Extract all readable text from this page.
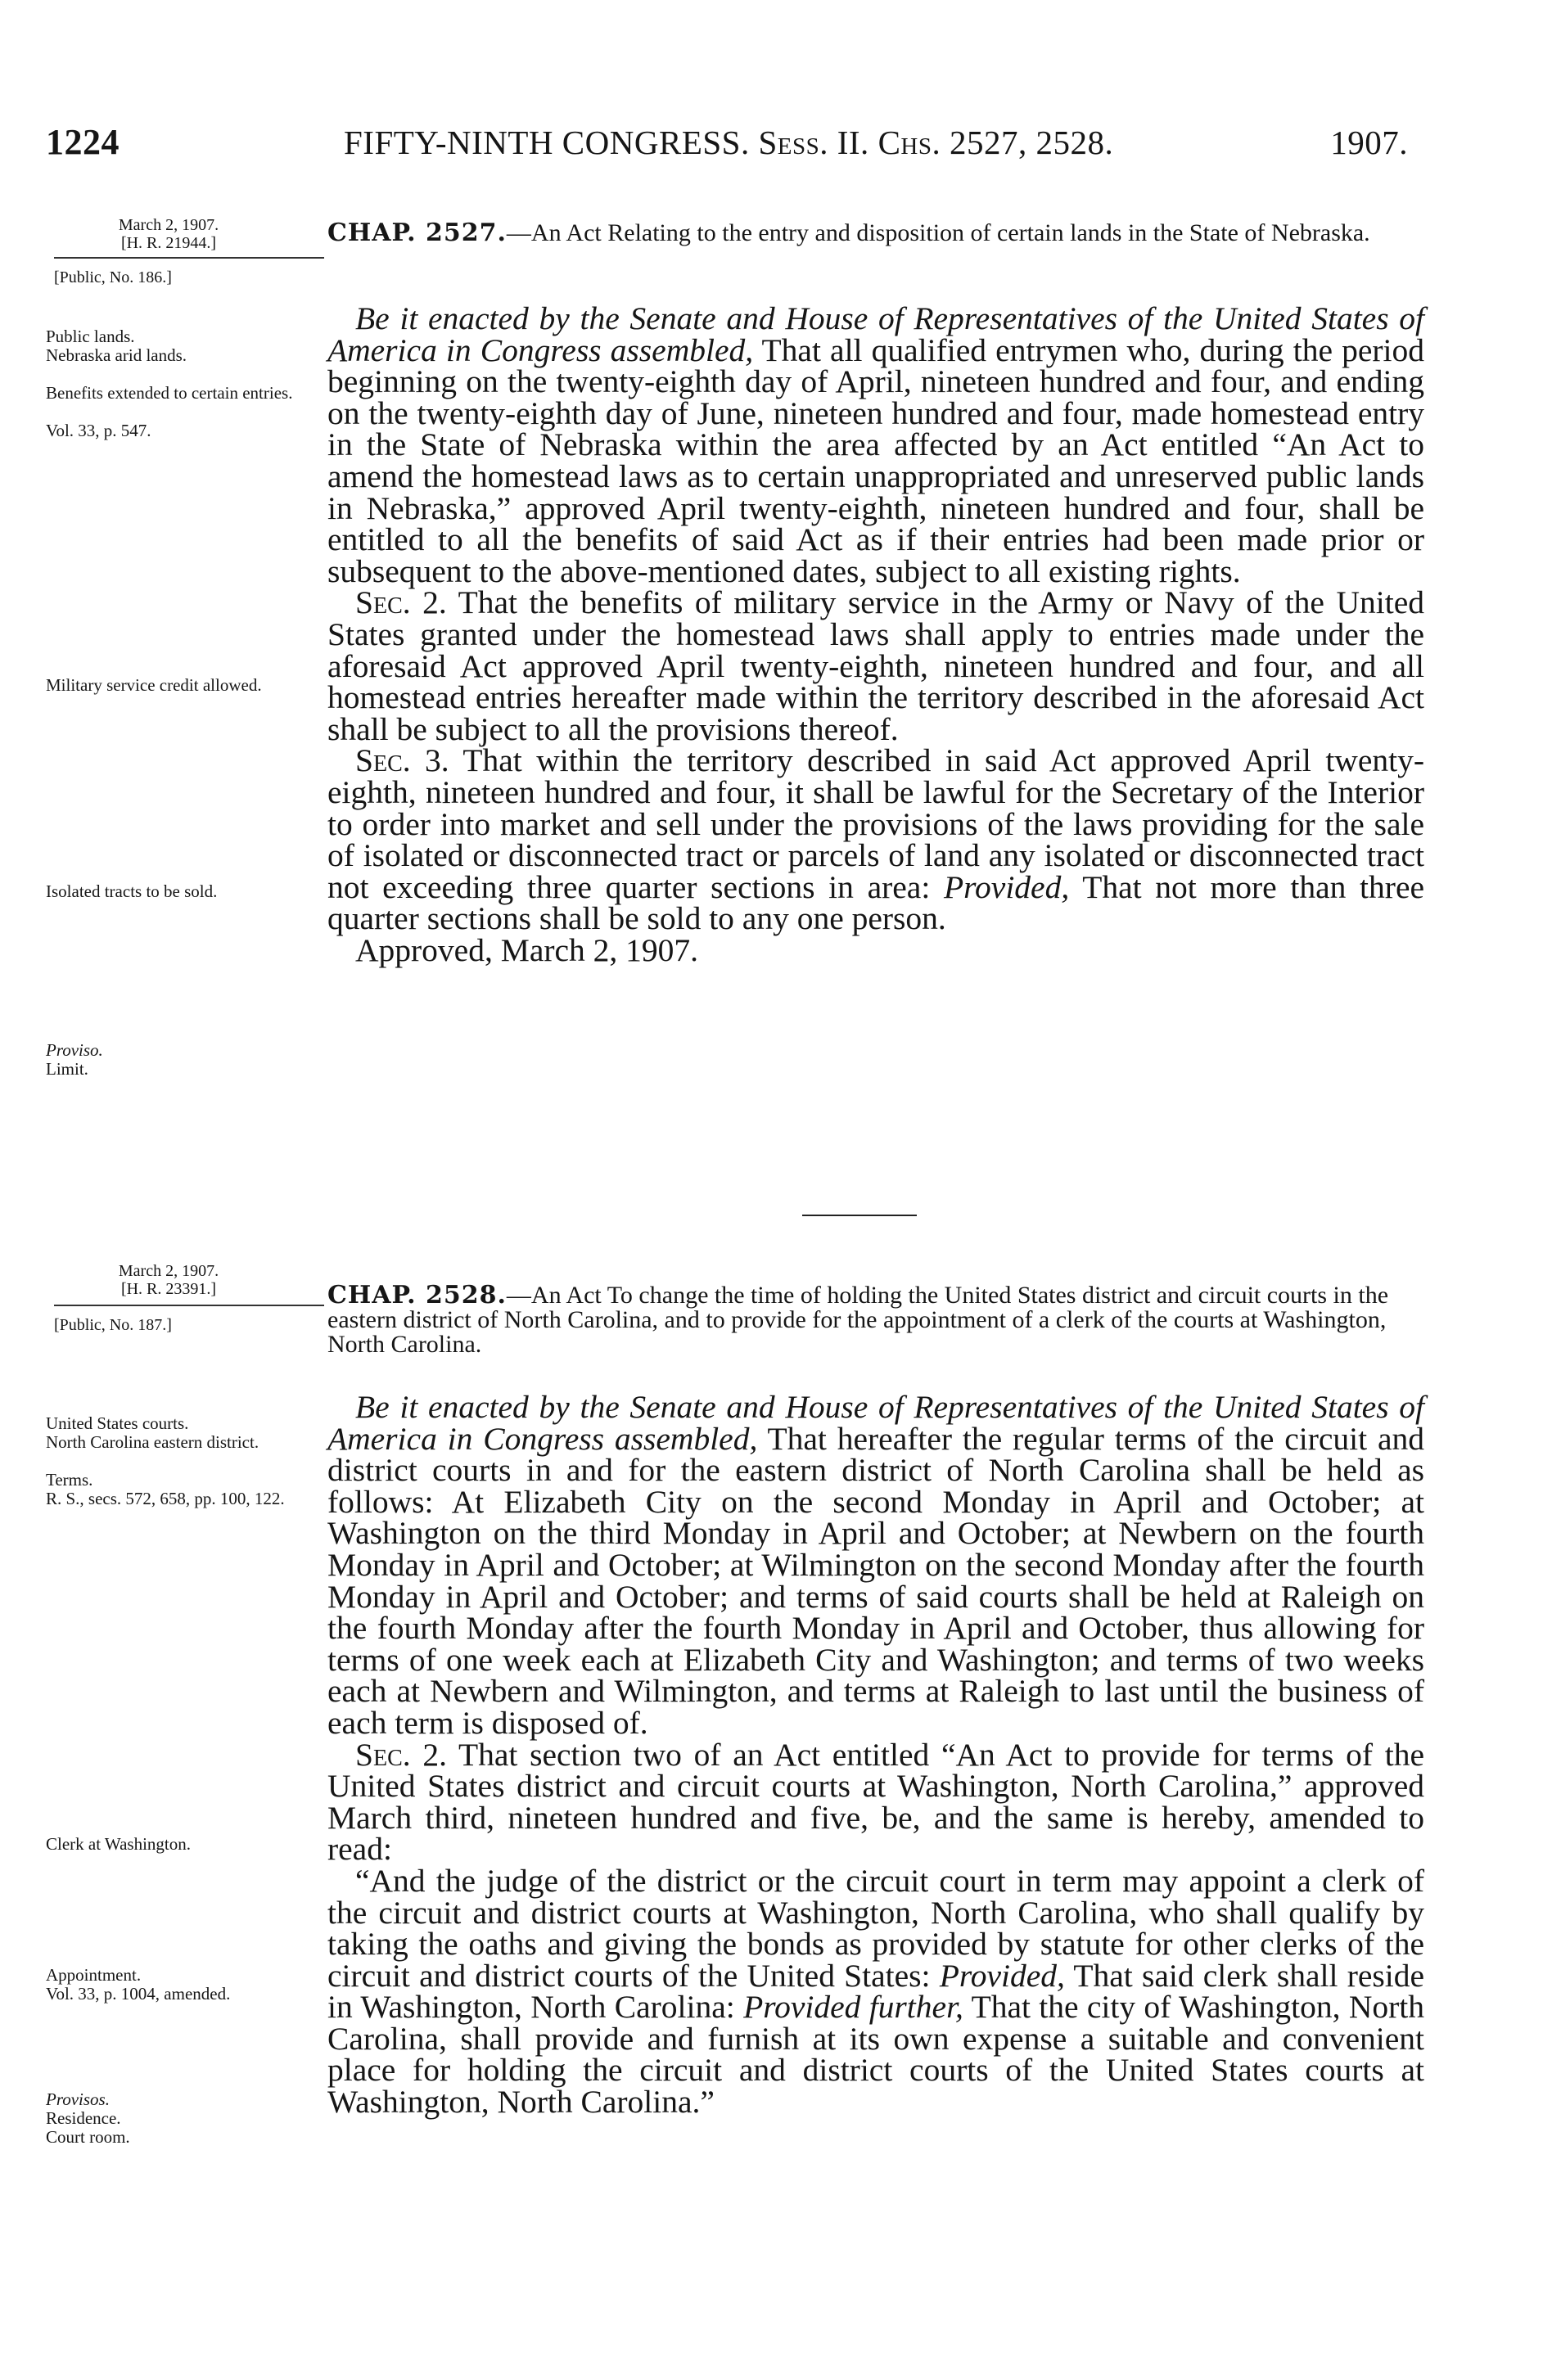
1224	FIFTY-NINTH CONGRESS. Sess. II. Chs. 2527, 2528.	1907.
March 2, 1907.
[H. R. 21944.]
[Public, No. 186.]
CHAP. 2527.—An Act Relating to the entry and disposition of certain lands in the State of Nebraska.
Public lands.
Nebraska arid lands.
Benefits extended to certain entries.
Vol. 33, p. 547.
Military service credit allowed.
Isolated tracts to be sold.
Proviso.
Limit.

Be it enacted by the Senate and House of Representatives of the United States of America in Congress assembled, That all qualified entrymen who, during the period beginning on the twenty-eighth day of April, nineteen hundred and four, and ending on the twenty-eighth day of June, nineteen hundred and four, made homestead entry in the State of Nebraska within the area affected by an Act entitled “An Act to amend the homestead laws as to certain unappropriated and unreserved public lands in Nebraska,” approved April twenty-eighth, nineteen hundred and four, shall be entitled to all the benefits of said Act as if their entries had been made prior or subsequent to the above-mentioned dates, subject to all existing rights.

Sec. 2. That the benefits of military service in the Army or Navy of the United States granted under the homestead laws shall apply to entries made under the aforesaid Act approved April twenty-eighth, nineteen hundred and four, and all homestead entries hereafter made within the territory described in the aforesaid Act shall be subject to all the provisions thereof.

Sec. 3. That within the territory described in said Act approved April twenty-eighth, nineteen hundred and four, it shall be lawful for the Secretary of the Interior to order into market and sell under the provisions of the laws providing for the sale of isolated or disconnected tract or parcels of land any isolated or disconnected tract not exceeding three quarter sections in area: Provided, That not more than three quarter sections shall be sold to any one person.

Approved, March 2, 1907.

March 2, 1907.
[H. R. 23391.]
[Public, No. 187.]
CHAP. 2528.—An Act To change the time of holding the United States district and circuit courts in the eastern district of North Carolina, and to provide for the appointment of a clerk of the courts at Washington, North Carolina.
United States courts.
North Carolina eastern district.
Terms.
R. S., secs. 572, 658, pp. 100, 122.
Clerk at Washington.
Appointment.
Vol. 33, p. 1004, amended.
Provisos.
Residence.
Court room.

Be it enacted by the Senate and House of Representatives of the United States of America in Congress assembled, That hereafter the regular terms of the circuit and district courts in and for the eastern district of North Carolina shall be held as follows: At Elizabeth City on the second Monday in April and October; at Washington on the third Monday in April and October; at Newbern on the fourth Monday in April and October; at Wilmington on the second Monday after the fourth Monday in April and October; and terms of said courts shall be held at Raleigh on the fourth Monday after the fourth Monday in April and October, thus allowing for terms of one week each at Elizabeth City and Washington; and terms of two weeks each at Newbern and Wilmington, and terms at Raleigh to last until the business of each term is disposed of.

Sec. 2. That section two of an Act entitled “An Act to provide for terms of the United States district and circuit courts at Washington, North Carolina,” approved March third, nineteen hundred and five, be, and the same is hereby, amended to read:

“And the judge of the district or the circuit court in term may appoint a clerk of the circuit and district courts at Washington, North Carolina, who shall qualify by taking the oaths and giving the bonds as provided by statute for other clerks of the circuit and district courts of the United States: Provided, That said clerk shall reside in Washington, North Carolina: Provided further, That the city of Washington, North Carolina, shall provide and furnish at its own expense a suitable and convenient place for holding the circuit and district courts of the United States courts at Washington, North Carolina.”
